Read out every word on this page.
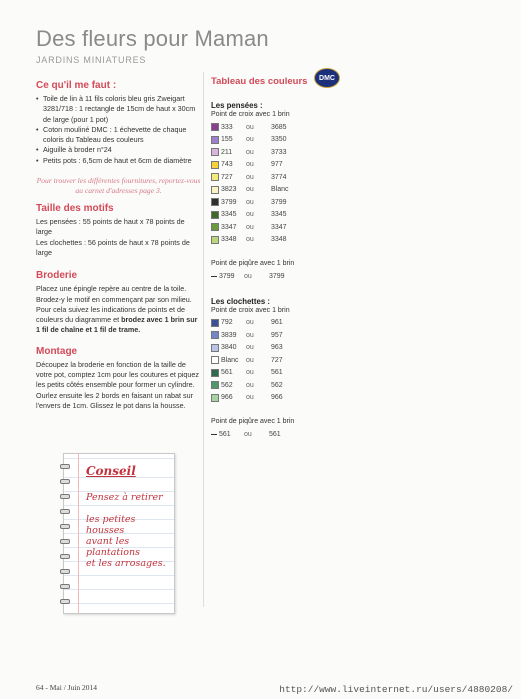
Des fleurs pour Maman
JARDINS MINIATURES
Ce qu'il me faut :
• Toile de lin à 11 fils coloris bleu gris Zweigart 3281/718 : 1 rectangle de 15cm de haut x 30cm de large (pour 1 pot)
• Coton mouliné DMC : 1 échevette de chaque coloris du Tableau des couleurs
• Aiguille à broder n°24
• Petits pots : 6,5cm de haut et 6cm de diamètre
Pour trouver les différentes fournitures, reportez-vous au carnet d'adresses page 3.
Taille des motifs
Les pensées : 55 points de haut x 78 points de large
Les clochettes : 56 points de haut x 78 points de large
Broderie
Placez une épingle repère au centre de la toile. Brodez-y le motif en commençant par son milieu. Pour cela suivez les indications de points et de couleurs du diagramme et brodez avec 1 brin sur 1 fil de chaîne et 1 fil de trame.
Montage
Découpez la broderie en fonction de la taille de votre pot, comptez 1cm pour les coutures et piquez les petits côtés ensemble pour former un cylindre. Ourlez ensuite les 2 bords en faisant un rabat sur l'envers de 1cm. Glissez le pot dans la housse.
DMC
Tableau des couleurs
Les pensées :
Point de croix avec 1 brin
333	ou	3685
155	ou	3350
211	ou	3733
743	ou	977
727	ou	3774
3823	ou	Blanc
3799	ou	3799
3345	ou	3345
3347	ou	3347
3348	ou	3348
Point de piqûre avec 1 brin
3799	ou	3799
Les clochettes :
Point de croix avec 1 brin
792	ou	961
3839	ou	957
3840	ou	963
Blanc	ou	727
561	ou	561
562	ou	562
966	ou	966
Point de piqûre avec 1 brin
561	ou	561
Conseil
Pensez à retirer
les petites housses
avant les plantations
et les arrosages.
64 - Mai / Juin 2014	http://www.liveinternet.ru/users/4880208/
